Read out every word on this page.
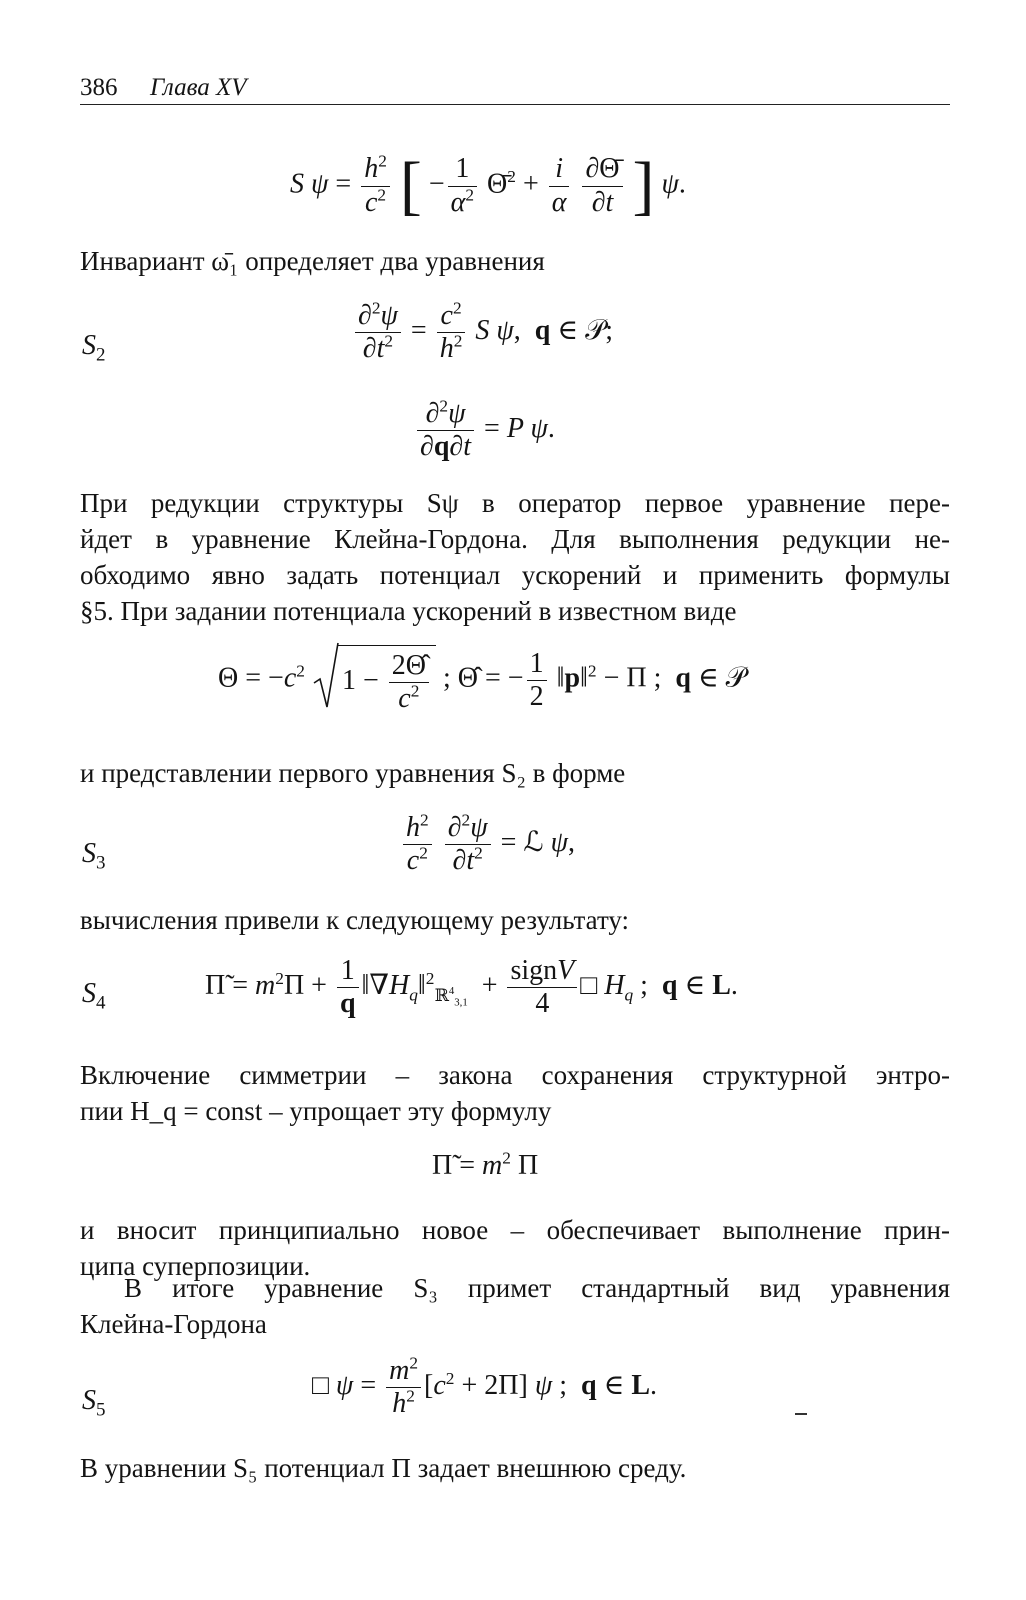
386 Глава XV
S $\psi = \frac{h^2}{c^2}$ [ − $\frac{1}{\alpha^2}$ Θ̄$^2$ + $\frac{i}{\alpha}$
$\frac{\partial\Thetā}{\partial t}$ ] ψ.

Инвариант ω̄₁ определяет два уравнения

$S_2$	$\frac{\partial^2\psi}{\partial t^2} = \frac{c^2}{h^2}$ S ψ,  q ∈ 𝒫;
$\frac{\partial^2\psi}{\partial q\partial t} = P$ ψ.

При редукции структуры Sψ в оператор первое уравнение пере-
йдет в уравнение Клейна-Гордона. Для выполнения редукции не-
обходимо явно задать потенциал ускорений и применить формулы
§5. При задании потенциала ускорений в известном виде

$\Theta = -c^2$ $1 - \frac{2\Thetâ}{c^2}$ ; Θ̂ = − $\frac{1}{2}$ ‖p‖$^2$ − Π ;  q ∈ 𝒫

и представлении первого уравнения S₂ в форме

$S_3$	$\frac{h^2}{c^2}$
$\frac{\partial^2\psi}{\partial t^2}$ = ℒ ψ,

вычисления привели к следующему результату:

$S_4$
Π̃ = $m^2\Pi + \frac{1}{q}$ $‖\nabla H_q‖^2_{ℝ^4_{3,1}} + \frac{\text{signV}}{4}$ □ $H_q$ ;  q ∈ L.

Включение симметрии – закона сохранения структурной энтро-
пии H_q = const – упрощает эту формулу

Π̃ = $m^2$ Π

и вносит принципиально новое – обеспечивает выполнение прин-
ципа суперпозиции.

В итоге уравнение S₃ примет стандартный вид уравнения
Клейна-Гордона

$S_5$
□ $\psi = \frac{m^2}{h^2} [c^2 + 2\Pi]$ ψ ;  q ∈ L.

В уравнении S₅ потенциал Π задает внешнюю среду.
